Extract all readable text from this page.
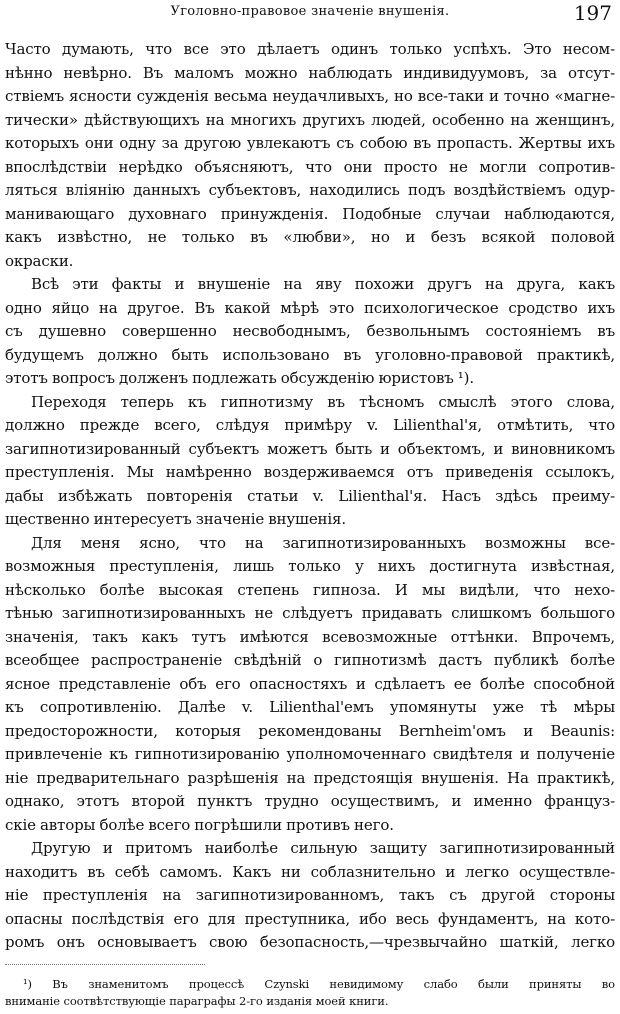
Уголовно-правовое значеніе внушенія.	197
Часто думають, что все это дѣлаетъ одинъ только успѣхъ. Это несом-
нѣнно невѣрно. Въ маломъ можно наблюдать индивидуумовъ, за отсут-
ствіемъ ясности сужденія весьма неудачливыхъ, но все-таки и точно «магне-
тически» дѣйствующихъ на многихъ другихъ людей, особенно на женщинъ,
которыхъ они одну за другою увлекаютъ съ собою въ пропасть. Жертвы ихъ
впослѣдствіи нерѣдко объясняютъ, что они просто не могли сопротив-
ляться вліянію данныхъ субъектовъ, находились подъ воздѣйствіемъ одур-
манивающаго духовнаго принужденія. Подобные случаи наблюдаются,
какъ извѣстно, не только въ «любви», но и безъ всякой половой
окраски.
Всѣ эти факты и внушеніе на яву похожи другъ на друга, какъ
одно яйцо на другое. Въ какой мѣрѣ это психологическое сродство ихъ
съ душевно совершенно несвободнымъ, безвольнымъ состояніемъ въ
будущемъ должно быть использовано въ уголовно-правовой практикѣ,
этотъ вопросъ долженъ подлежать обсужденію юристовъ ¹).
Переходя теперь къ гипнотизму въ тѣсномъ смыслѣ этого слова,
должно прежде всего, слѣдуя примѣру v. Lilienthal'я, отмѣтить, что
загипнотизированный субъектъ можетъ быть и объектомъ, и виновникомъ
преступленія. Мы намѣренно воздерживаемся отъ приведенія ссылокъ,
дабы избѣжать повторенія статьи v. Lilienthal'я. Насъ здѣсь преиму-
щественно интересуетъ значеніе внушенія.
Для меня ясно, что на загипнотизированныхъ возможны все-
возможныя преступленія, лишь только у нихъ достигнута извѣстная,
нѣсколько болѣе высокая степень гипноза. И мы видѣли, что нехо-
тѣнью загипнотизированныхъ не слѣдуетъ придавать слишкомъ большого
значенія, такъ какъ тутъ имѣются всевозможные оттѣнки. Впрочемъ,
всеобщее распространеніе свѣдѣній о гипнотизмѣ дастъ публикѣ болѣе
ясное представленіе объ его опасностяхъ и сдѣлаетъ ее болѣе способной
къ сопротивленію. Далѣе v. Lilienthal'емъ упомянуты уже тѣ мѣры
предосторожности, которыя рекомендованы Bernheim'омъ и Beaunis:
привлеченіе къ гипнотизированію уполномоченнаго свидѣтеля и полученіе
ніе предварительнаго разрѣшенія на предстоящія внушенія. На практикѣ,
однако, этотъ второй пунктъ трудно осуществимъ, и именно француз-
скіе авторы болѣе всего погрѣшили противъ него.
Другую и притомъ наиболѣе сильную защиту загипнотизированный
находитъ въ себѣ самомъ. Какъ ни соблазнительно и легко осуществле-
ніе преступленія на загипнотизированномъ, такъ съ другой стороны
опасны послѣдствія его для преступника, ибо весь фундаментъ, на кото-
ромъ онъ основываетъ свою безопасность,—чрезвычайно шаткій, легко
¹) Въ знаменитомъ процессѣ Czynski невидимому слабо были приняты во
вниманіе соотвѣтствующіе параграфы 2-го изданія моей книги.
